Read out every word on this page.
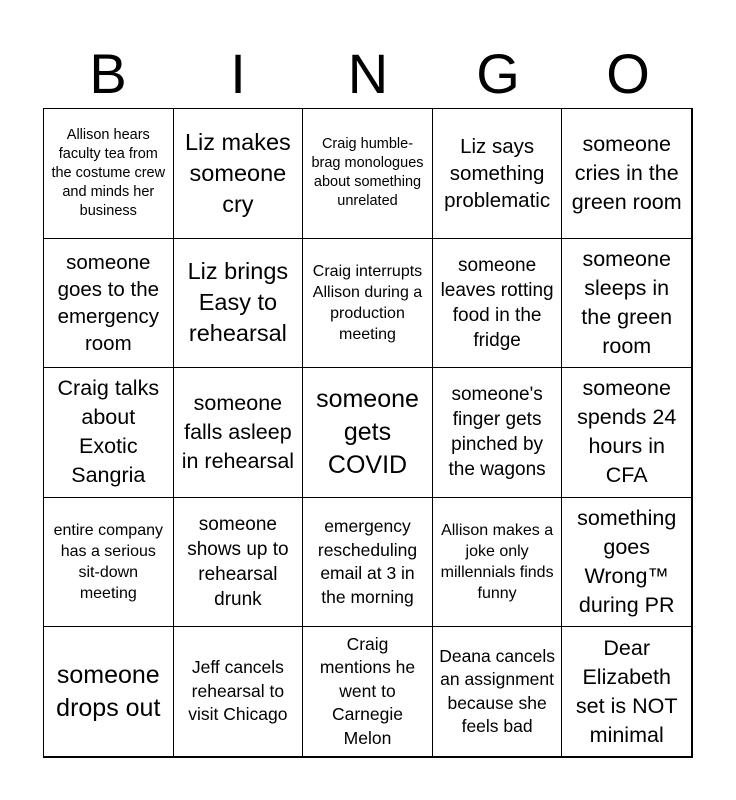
B	I	N	G	O
Allison hears faculty tea from the costume crew and minds her business
Liz makes someone cry
Craig humble-brag monologues about something unrelated
Liz says something problematic
someone cries in the green room
someone goes to the emergency room
Liz brings Easy to rehearsal
Craig interrupts Allison during a production meeting
someone leaves rotting food in the fridge
someone sleeps in the green room
Craig talks about Exotic Sangria
someone falls asleep in rehearsal
someone gets COVID
someone's finger gets pinched by the wagons
someone spends 24 hours in CFA
entire company has a serious sit-down meeting
someone shows up to rehearsal drunk
emergency rescheduling email at 3 in the morning
Allison makes a joke only millennials finds funny
something goes Wrong™ during PR
someone drops out
Jeff cancels rehearsal to visit Chicago
Craig mentions he went to Carnegie Melon
Deana cancels an assignment because she feels bad
Dear Elizabeth set is NOT minimal
